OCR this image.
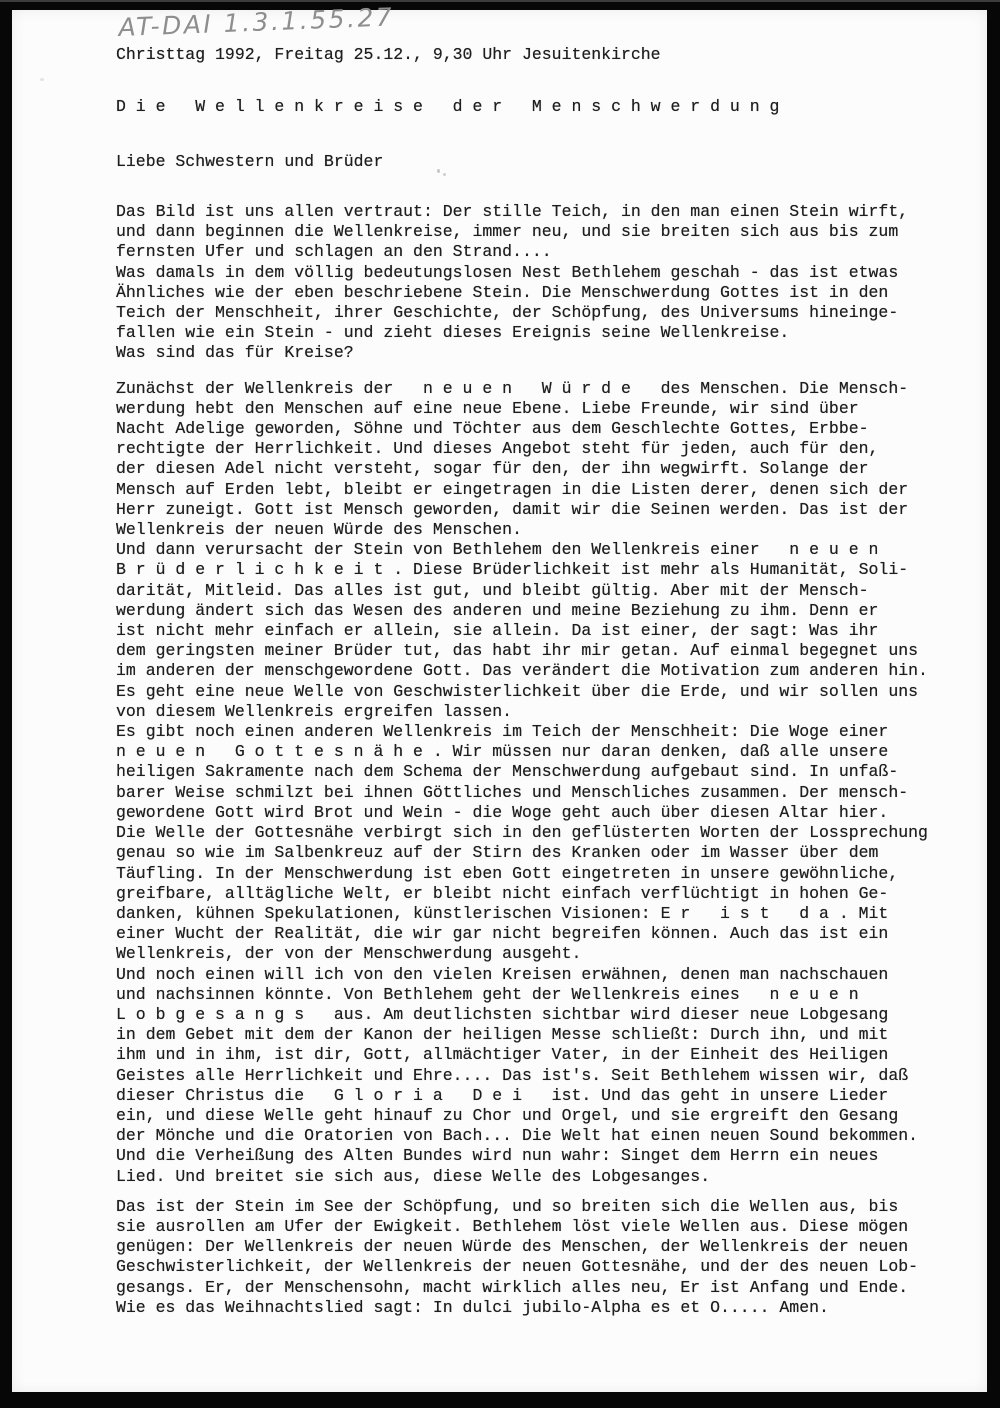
AT-DAI 1.3.1.55.27
Christtag 1992, Freitag 25.12., 9,30 Uhr Jesuitenkirche
D i e   W e l l e n k r e i s e   d e r   M e n s c h w e r d u n g
Liebe Schwestern und Brüder
Das Bild ist uns allen vertraut: Der stille Teich, in den man einen Stein wirft,
und dann beginnen die Wellenkreise, immer neu, und sie breiten sich aus bis zum
fernsten Ufer und schlagen an den Strand....
Was damals in dem völlig bedeutungslosen Nest Bethlehem geschah - das ist etwas
Ähnliches wie der eben beschriebene Stein. Die Menschwerdung Gottes ist in den
Teich der Menschheit, ihrer Geschichte, der Schöpfung, des Universums hineinge-
fallen wie ein Stein - und zieht dieses Ereignis seine Wellenkreise.
Was sind das für Kreise?
Zunächst der Wellenkreis der   n e u e n   W ü r d e   des Menschen. Die Mensch-
werdung hebt den Menschen auf eine neue Ebene. Liebe Freunde, wir sind über
Nacht Adelige geworden, Söhne und Töchter aus dem Geschlechte Gottes, Erbbe-
rechtigte der Herrlichkeit. Und dieses Angebot steht für jeden, auch für den,
der diesen Adel nicht versteht, sogar für den, der ihn wegwirft. Solange der
Mensch auf Erden lebt, bleibt er eingetragen in die Listen derer, denen sich der
Herr zuneigt. Gott ist Mensch geworden, damit wir die Seinen werden. Das ist der
Wellenkreis der neuen Würde des Menschen.
Und dann verursacht der Stein von Bethlehem den Wellenkreis einer   n e u e n
B r ü d e r l i c h k e i t . Diese Brüderlichkeit ist mehr als Humanität, Soli-
darität, Mitleid. Das alles ist gut, und bleibt gültig. Aber mit der Mensch-
werdung ändert sich das Wesen des anderen und meine Beziehung zu ihm. Denn er
ist nicht mehr einfach er allein, sie allein. Da ist einer, der sagt: Was ihr
dem geringsten meiner Brüder tut, das habt ihr mir getan. Auf einmal begegnet uns
im anderen der menschgewordene Gott. Das verändert die Motivation zum anderen hin.
Es geht eine neue Welle von Geschwisterlichkeit über die Erde, und wir sollen uns
von diesem Wellenkreis ergreifen lassen.
Es gibt noch einen anderen Wellenkreis im Teich der Menschheit: Die Woge einer
n e u e n   G o t t e s n ä h e . Wir müssen nur daran denken, daß alle unsere
heiligen Sakramente nach dem Schema der Menschwerdung aufgebaut sind. In unfaß-
barer Weise schmilzt bei ihnen Göttliches und Menschliches zusammen. Der mensch-
gewordene Gott wird Brot und Wein - die Woge geht auch über diesen Altar hier.
Die Welle der Gottesnähe verbirgt sich in den geflüsterten Worten der Lossprechung
genau so wie im Salbenkreuz auf der Stirn des Kranken oder im Wasser über dem
Täufling. In der Menschwerdung ist eben Gott eingetreten in unsere gewöhnliche,
greifbare, alltägliche Welt, er bleibt nicht einfach verflüchtigt in hohen Ge-
danken, kühnen Spekulationen, künstlerischen Visionen: E r   i s t   d a . Mit
einer Wucht der Realität, die wir gar nicht begreifen können. Auch das ist ein
Wellenkreis, der von der Menschwerdung ausgeht.
Und noch einen will ich von den vielen Kreisen erwähnen, denen man nachschauen
und nachsinnen könnte. Von Bethlehem geht der Wellenkreis eines   n e u e n
L o b g e s a n g s   aus. Am deutlichsten sichtbar wird dieser neue Lobgesang
in dem Gebet mit dem der Kanon der heiligen Messe schließt: Durch ihn, und mit
ihm und in ihm, ist dir, Gott, allmächtiger Vater, in der Einheit des Heiligen
Geistes alle Herrlichkeit und Ehre.... Das ist's. Seit Bethlehem wissen wir, daß
dieser Christus die   G l o r i a   D e i   ist. Und das geht in unsere Lieder
ein, und diese Welle geht hinauf zu Chor und Orgel, und sie ergreift den Gesang
der Mönche und die Oratorien von Bach... Die Welt hat einen neuen Sound bekommen.
Und die Verheißung des Alten Bundes wird nun wahr: Singet dem Herrn ein neues
Lied. Und breitet sie sich aus, diese Welle des Lobgesanges.
Das ist der Stein im See der Schöpfung, und so breiten sich die Wellen aus, bis
sie ausrollen am Ufer der Ewigkeit. Bethlehem löst viele Wellen aus. Diese mögen
genügen: Der Wellenkreis der neuen Würde des Menschen, der Wellenkreis der neuen
Geschwisterlichkeit, der Wellenkreis der neuen Gottesnähe, und der des neuen Lob-
gesangs. Er, der Menschensohn, macht wirklich alles neu, Er ist Anfang und Ende.
Wie es das Weihnachtslied sagt: In dulci jubilo-Alpha es et O..... Amen.
